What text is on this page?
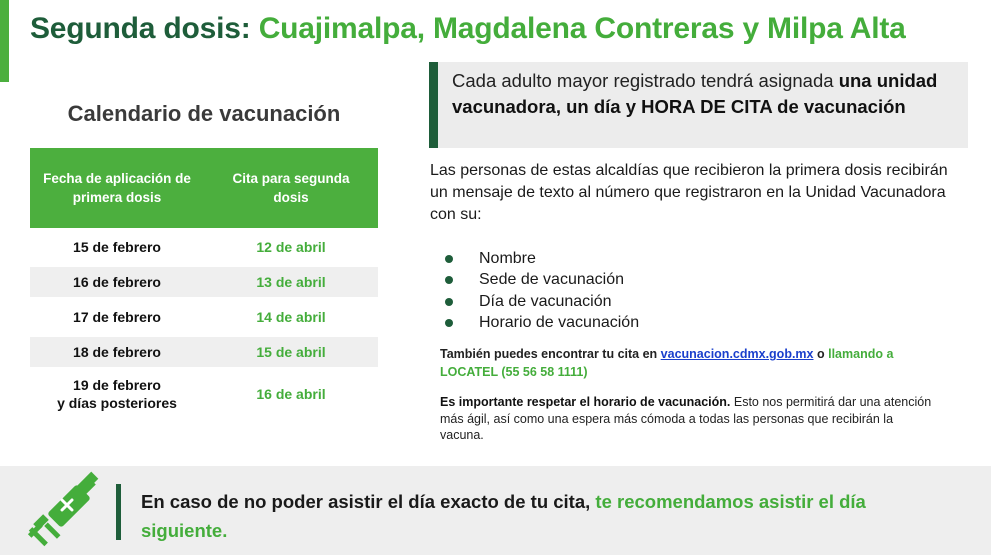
Segunda dosis: Cuajimalpa, Magdalena Contreras y Milpa Alta
Calendario de vacunación
Fecha de aplicación de primera dosis
Cita para segunda dosis
15 de febrero	12 de abril
16 de febrero	13 de abril
17 de febrero	14 de abril
18 de febrero	15 de abril
19 de febrero
y días posteriores
16 de abril
Cada adulto mayor registrado tendrá asignada una unidad vacunadora, un día y HORA DE CITA de vacunación

Las personas de estas alcaldías que recibieron la primera dosis recibirán un mensaje de texto al número que registraron en la Unidad Vacunadora con su:

Nombre
Sede de vacunación
Día de vacunación
Horario de vacunación

También puedes encontrar tu cita en vacunacion.cdmx.gob.mx o llamando a LOCATEL (55 56 58 1111)

Es importante respetar el horario de vacunación. Esto nos permitirá dar una atención más ágil, así como una espera más cómoda a todas las personas que recibirán la vacuna.

En caso de no poder asistir el día exacto de tu cita, te recomendamos asistir el día siguiente.
